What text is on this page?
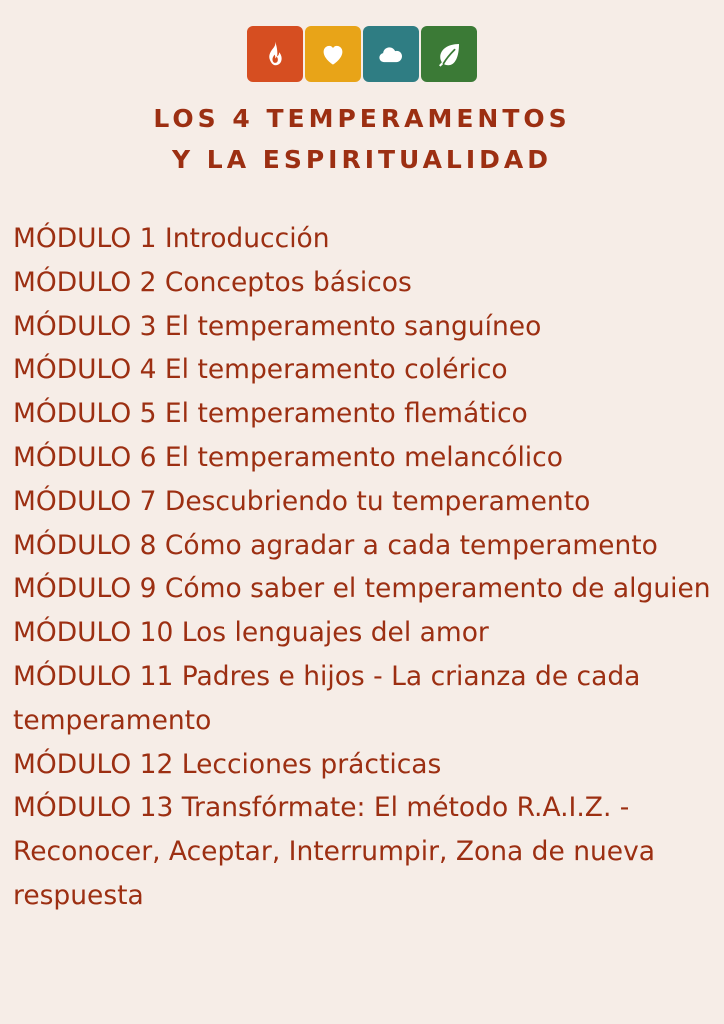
LOS 4 TEMPERAMENTOS
Y LA ESPIRITUALIDAD
MÓDULO 1 Introducción
MÓDULO 2 Conceptos básicos
MÓDULO 3 El temperamento sanguíneo
MÓDULO 4 El temperamento colérico
MÓDULO 5 El temperamento flemático
MÓDULO 6 El temperamento melancólico
MÓDULO 7 Descubriendo tu temperamento
MÓDULO 8 Cómo agradar a cada temperamento
MÓDULO 9 Cómo saber el temperamento de alguien
MÓDULO 10 Los lenguajes del amor
MÓDULO 11 Padres e hijos - La crianza de cada temperamento
MÓDULO 12 Lecciones prácticas
MÓDULO 13 Transfórmate: El método R.A.I.Z. - Reconocer, Aceptar, Interrumpir, Zona de nueva respuesta
